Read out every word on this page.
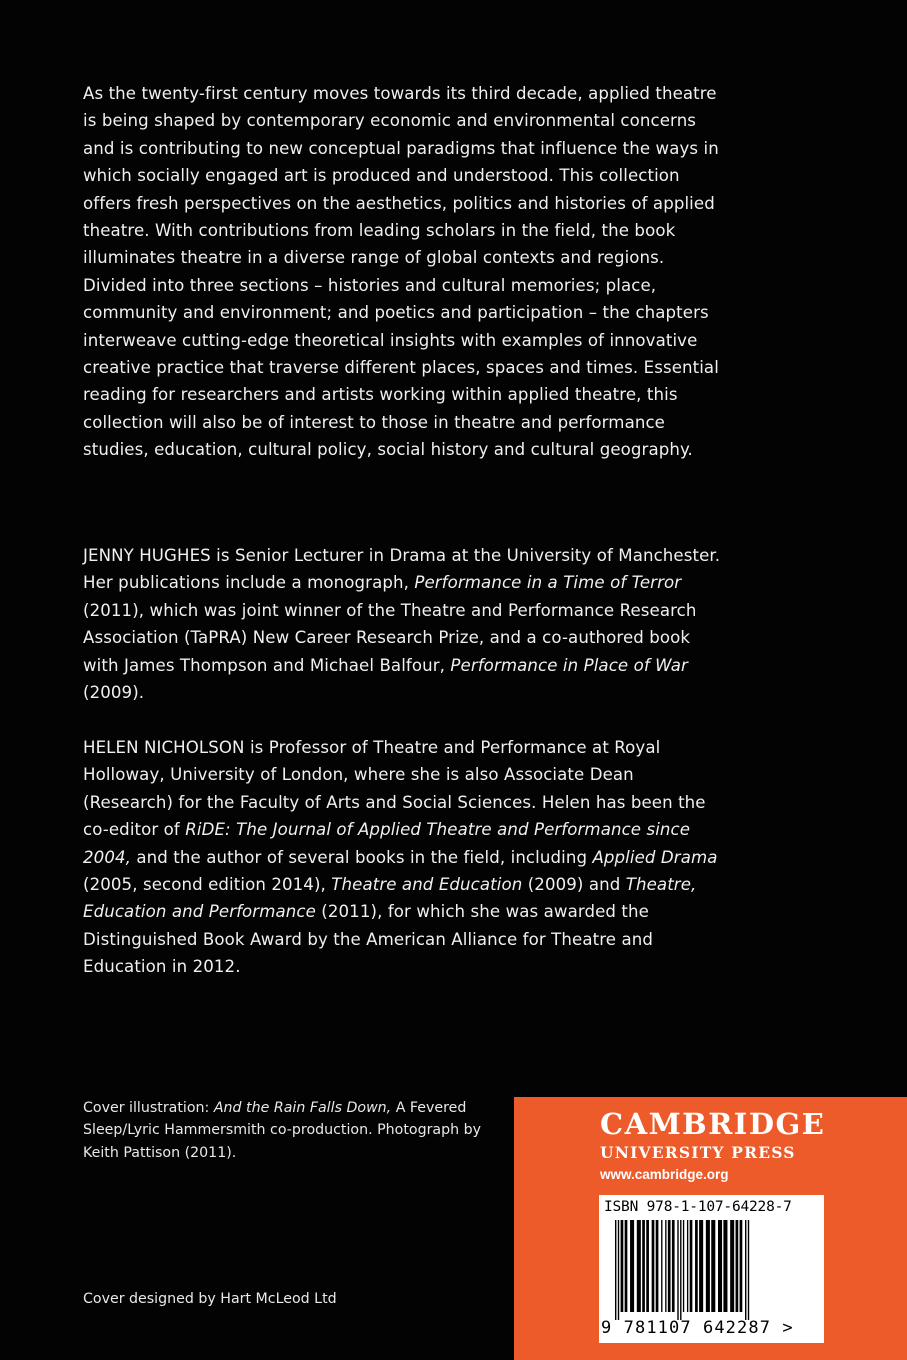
As the twenty-first century moves towards its third decade, applied theatre is being shaped by contemporary economic and environmental concerns and is contributing to new conceptual paradigms that influence the ways in which socially engaged art is produced and understood. This collection offers fresh perspectives on the aesthetics, politics and histories of applied theatre. With contributions from leading scholars in the field, the book illuminates theatre in a diverse range of global contexts and regions. Divided into three sections – histories and cultural memories; place, community and environment; and poetics and participation – the chapters interweave cutting-edge theoretical insights with examples of innovative creative practice that traverse different places, spaces and times. Essential reading for researchers and artists working within applied theatre, this collection will also be of interest to those in theatre and performance studies, education, cultural policy, social history and cultural geography.

JENNY HUGHES is Senior Lecturer in Drama at the University of Manchester. Her publications include a monograph, Performance in a Time of Terror (2011), which was joint winner of the Theatre and Performance Research Association (TaPRA) New Career Research Prize, and a co-authored book with James Thompson and Michael Balfour, Performance in Place of War (2009).

HELEN NICHOLSON is Professor of Theatre and Performance at Royal Holloway, University of London, where she is also Associate Dean (Research) for the Faculty of Arts and Social Sciences. Helen has been the co-editor of RiDE: The Journal of Applied Theatre and Performance since 2004, and the author of several books in the field, including Applied Drama (2005, second edition 2014), Theatre and Education (2009) and Theatre, Education and Performance (2011), for which she was awarded the Distinguished Book Award by the American Alliance for Theatre and Education in 2012.

Cover illustration: And the Rain Falls Down, A Fevered Sleep/Lyric Hammersmith co-production. Photograph by Keith Pattison (2011).
Cover designed by Hart McLeod Ltd
CAMBRIDGE
UNIVERSITY PRESS
www.cambridge.org
ISBN 978-1-107-64228-7
9 781107 642287 >
